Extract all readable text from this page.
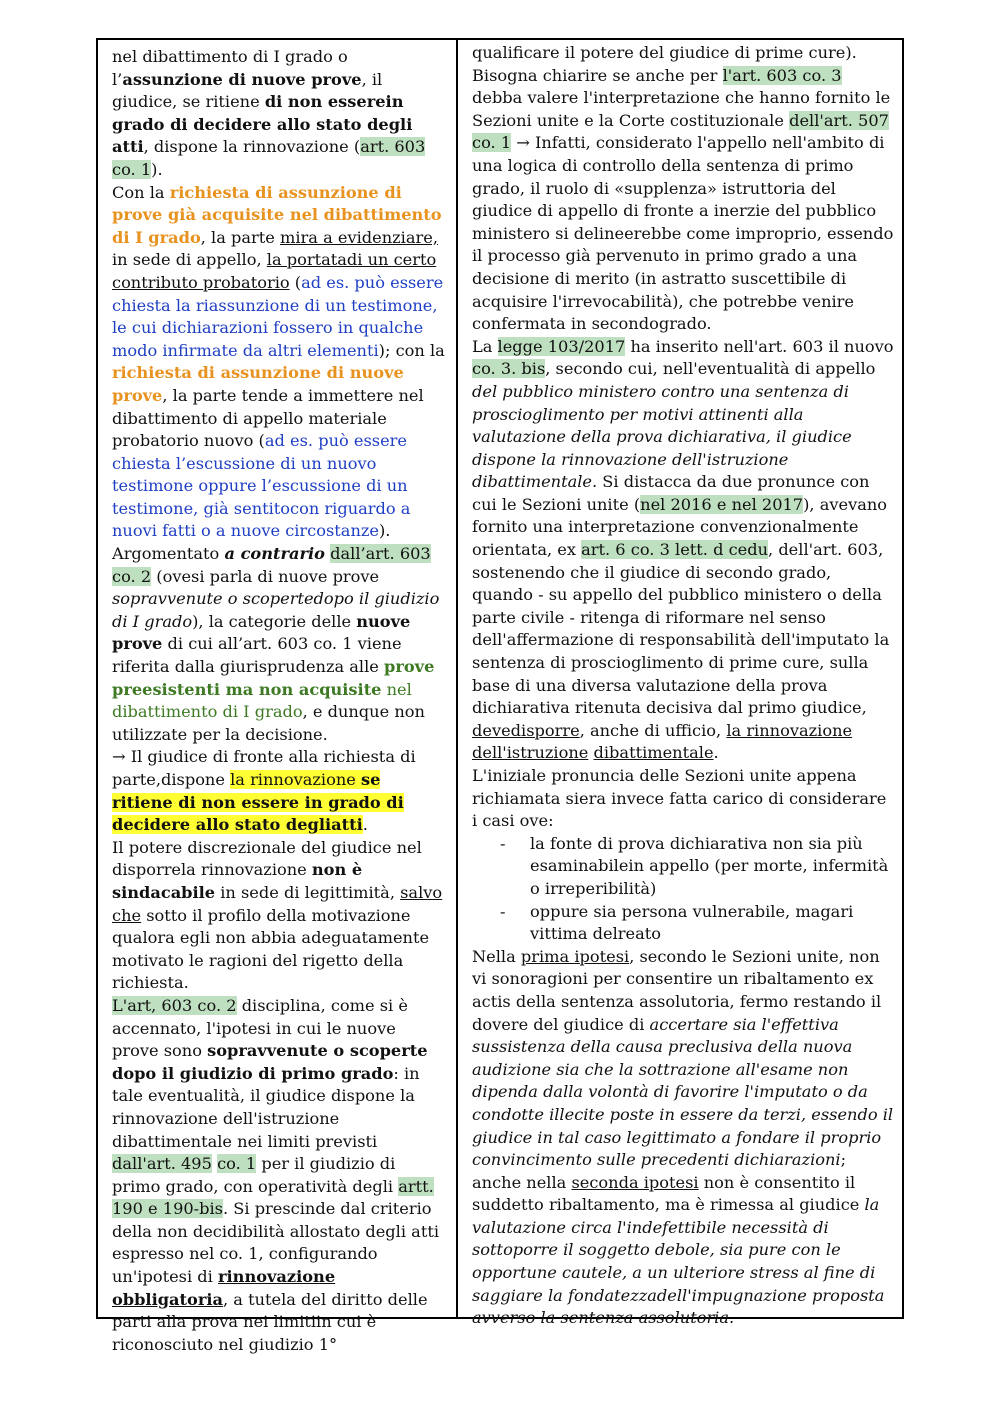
nel dibattimento di I grado o l’assunzione di nuove prove, il giudice, se ritiene di non esserein grado di decidere allo stato degli atti, dispone la rinnovazione (art. 603 co. 1).

Con la richiesta di assunzione di prove già acquisite nel dibattimento di I grado, la parte mira a evidenziare, in sede di appello, la portatadi un certo contributo probatorio (ad es. può essere chiesta la riassunzione di un testimone, le cui dichiarazioni fossero in qualche modo infirmate da altri elementi); con la richiesta di assunzione di nuove prove, la parte tende a immettere nel dibattimento di appello materiale probatorio nuovo (ad es. può essere chiesta l’escussione di un nuovo testimone oppure l’escussione di un testimone, già sentitocon riguardo a nuovi fatti o a nuove circostanze).

Argomentato a contrario dall’art. 603 co. 2 (ovesi parla di nuove prove sopravvenute o scopertedopo il giudizio di I grado), la categorie delle nuove prove di cui all’art. 603 co. 1 viene riferita dalla giurisprudenza alle prove preesistenti ma non acquisite nel dibattimento di I grado, e dunque non utilizzate per la decisione.

→ Il giudice di fronte alla richiesta di parte,dispone la rinnovazione se ritiene di non essere in grado di decidere allo stato degliatti.

Il potere discrezionale del giudice nel disporrela rinnovazione non è sindacabile in sede di legittimità, salvo che sotto il profilo della motivazione qualora egli non abbia adeguatamente motivato le ragioni del rigetto della richiesta.

L'art, 603 co. 2 disciplina, come si è accennato, l'ipotesi in cui le nuove prove sono sopravvenute o scoperte dopo il giudizio di primo grado: in tale eventualità, il giudice dispone la rinnovazione dell'istruzione dibattimentale nei limiti previsti dall'art. 495 co. 1 per il giudizio di primo grado, con operatività degli artt. 190 e 190-bis. Si prescinde dal criterio della non decidibilità allostato degli atti espresso nel co. 1, configurando un'ipotesi di rinnovazione obbligatoria, a tutela del diritto delle parti alla prova nei limitiin cui è riconosciuto nel giudizio 1°

qualificare il potere del giudice di prime cure). Bisogna chiarire se anche per l'art. 603 co. 3 debba valere l'interpretazione che hanno fornito le Sezioni unite e la Corte costituzionale dell'art. 507 co. 1 → Infatti, considerato l'appello nell'ambito di una logica di controllo della sentenza di primo grado, il ruolo di «supplenza» istruttoria del giudice di appello di fronte a inerzie del pubblico ministero si delineerebbe come improprio, essendo il processo già pervenuto in primo grado a una decisione di merito (in astratto suscettibile di acquisire l'irrevocabilità), che potrebbe venire confermata in secondogrado.

La legge 103/2017 ha inserito nell'art. 603 il nuovo co. 3. bis, secondo cui, nell'eventualità di appello del pubblico ministero contro una sentenza di proscioglimento per motivi attinenti alla valutazione della prova dichiarativa, il giudice dispone la rinnovazione dell'istruzione dibattimentale. Si distacca da due pronunce con cui le Sezioni unite (nel 2016 e nel 2017), avevano fornito una interpretazione convenzionalmente orientata, ex art. 6 co. 3 lett. d cedu, dell'art. 603, sostenendo che il giudice di secondo grado, quando - su appello del pubblico ministero o della parte civile - ritenga di riformare nel senso dell'affermazione di responsabilità dell'imputato la sentenza di proscioglimento di prime cure, sulla base di una diversa valutazione della prova dichiarativa ritenuta decisiva dal primo giudice, devedisporre, anche di ufficio, la rinnovazione dell'istruzione dibattimentale.

L'iniziale pronuncia delle Sezioni unite appena richiamata siera invece fatta carico di considerare i casi ove:

- la fonte di prova dichiarativa non sia più esaminabilein appello (per morte, infermità o irreperibilità)
- oppure sia persona vulnerabile, magari vittima delreato

Nella prima ipotesi, secondo le Sezioni unite, non vi sonoragioni per consentire un ribaltamento ex actis della sentenza assolutoria, fermo restando il dovere del giudice di accertare sia l'effettiva sussistenza della causa preclusiva della nuova audizione sia che la sottrazione all'esame non dipenda dalla volontà di favorire l'imputato o da condotte illecite poste in essere da terzi, essendo il giudice in tal caso legittimato a fondare il proprio convincimento sulle precedenti dichiarazioni; anche nella seconda ipotesi non è consentito il suddetto ribaltamento, ma è rimessa al giudice la valutazione circa l'indefettibile necessità di sottoporre il soggetto debole, sia pure con le opportune cautele, a un ulteriore stress al fine di saggiare la fondatezzadell'impugnazione proposta avverso la sentenza assolutoria.
